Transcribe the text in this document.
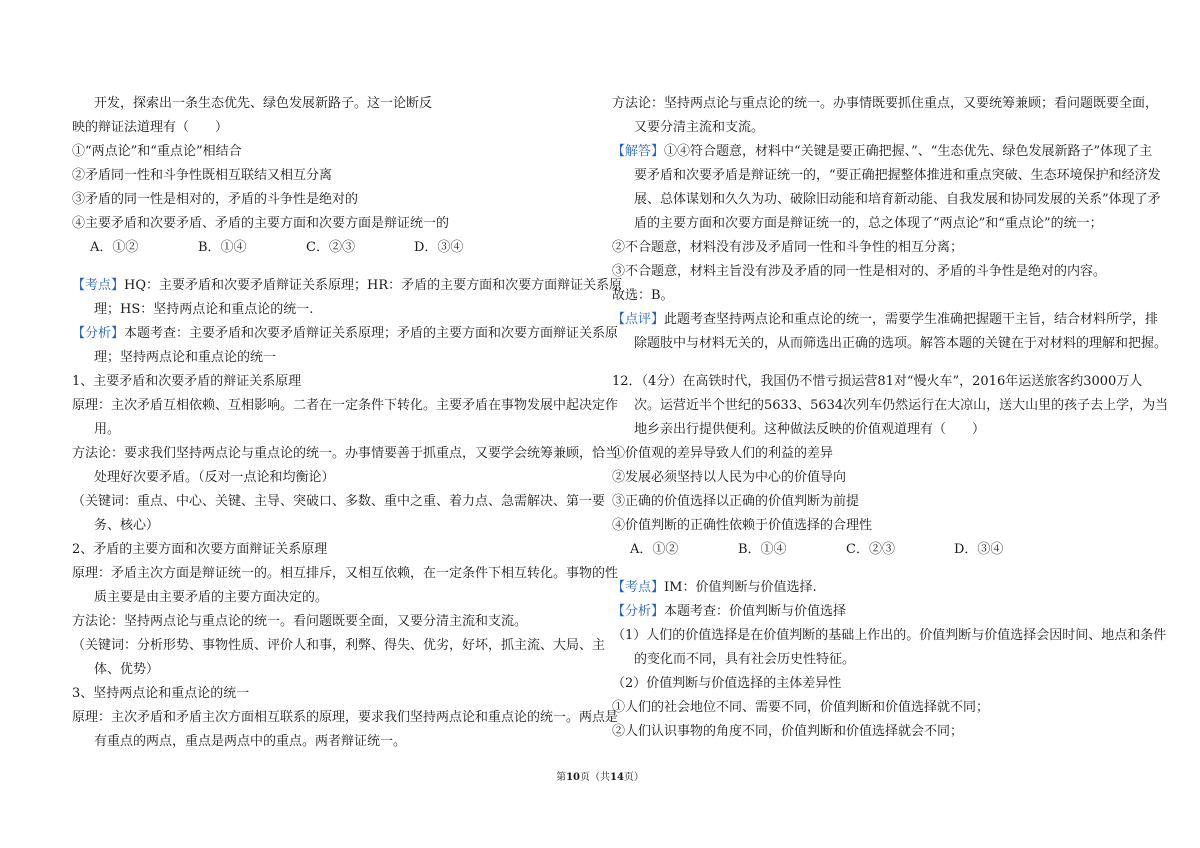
开发，探索出一条生态优先、绿色发展新路子。这一论断反
映的辩证法道理有（　　）
①“两点论”和“重点论”相结合
②矛盾同一性和斗争性既相互联结又相互分离
③矛盾的同一性是相对的，矛盾的斗争性是绝对的
④主要矛盾和次要矛盾、矛盾的主要方面和次要方面是辩证统一的
A．①②	B．①④	C．②③	D．③④
【考点】HQ：主要矛盾和次要矛盾辩证关系原理；HR：矛盾的主要方面和次要方面辩证关系原
理；HS：坚持两点论和重点论的统一.
【分析】本题考查：主要矛盾和次要矛盾辩证关系原理；矛盾的主要方面和次要方面辩证关系原
理；坚持两点论和重点论的统一
1、主要矛盾和次要矛盾的辩证关系原理
原理：主次矛盾互相依赖、互相影响。二者在一定条件下转化。主要矛盾在事物发展中起决定作
用。
方法论：要求我们坚持两点论与重点论的统一。办事情要善于抓重点，又要学会统筹兼顾，恰当
处理好次要矛盾。（反对一点论和均衡论）
（关键词：重点、中心、关键、主导、突破口、多数、重中之重、着力点、急需解决、第一要
务、核心）
2、矛盾的主要方面和次要方面辩证关系原理
原理：矛盾主次方面是辩证统一的。相互排斥，又相互依赖，在一定条件下相互转化。事物的性
质主要是由主要矛盾的主要方面决定的。
方法论：坚持两点论与重点论的统一。看问题既要全面，又要分清主流和支流。
（关键词：分析形势、事物性质、评价人和事，利弊、得失、优劣，好坏，抓主流、大局、主
体、优势）
3、坚持两点论和重点论的统一
原理：主次矛盾和矛盾主次方面相互联系的原理，要求我们坚持两点论和重点论的统一。两点是
有重点的两点，重点是两点中的重点。两者辩证统一。
方法论：坚持两点论与重点论的统一。办事情既要抓住重点，又要统筹兼顾；看问题既要全面，
又要分清主流和支流。
【解答】①④符合题意，材料中“关键是要正确把握、”、“生态优先、绿色发展新路子”体现了主
要矛盾和次要矛盾是辩证统一的，“要正确把握整体推进和重点突破、生态环境保护和经济发
展、总体谋划和久久为功、破除旧动能和培育新动能、自我发展和协同发展的关系”体现了矛
盾的主要方面和次要方面是辩证统一的，总之体现了“两点论”和“重点论”的统一；
②不合题意，材料没有涉及矛盾同一性和斗争性的相互分离；
③不合题意，材料主旨没有涉及矛盾的同一性是相对的、矛盾的斗争性是绝对的内容。
故选：B。
【点评】此题考查坚持两点论和重点论的统一，需要学生准确把握题干主旨，结合材料所学，排
除题肢中与材料无关的，从而筛选出正确的选项。解答本题的关键在于对材料的理解和把握。
12．（4分）在高铁时代，我国仍不惜亏损运营81对“慢火车”，2016年运送旅客约3000万人
次。运营近半个世纪的5633、5634次列车仍然运行在大凉山，送大山里的孩子去上学，为当
地乡亲出行提供便利。这种做法反映的价值观道理有（　　）
①价值观的差异导致人们的利益的差异
②发展必须坚持以人民为中心的价值导向
③正确的价值选择以正确的价值判断为前提
④价值判断的正确性依赖于价值选择的合理性
A．①②	B．①④	C．②③	D．③④
【考点】IM：价值判断与价值选择.
【分析】本题考查：价值判断与价值选择
（1）人们的价值选择是在价值判断的基础上作出的。价值判断与价值选择会因时间、地点和条件
的变化而不同，具有社会历史性特征。
（2）价值判断与价值选择的主体差异性
①人们的社会地位不同、需要不同，价值判断和价值选择就不同；
②人们认识事物的角度不同，价值判断和价值选择就会不同；
第10页（共14页）
